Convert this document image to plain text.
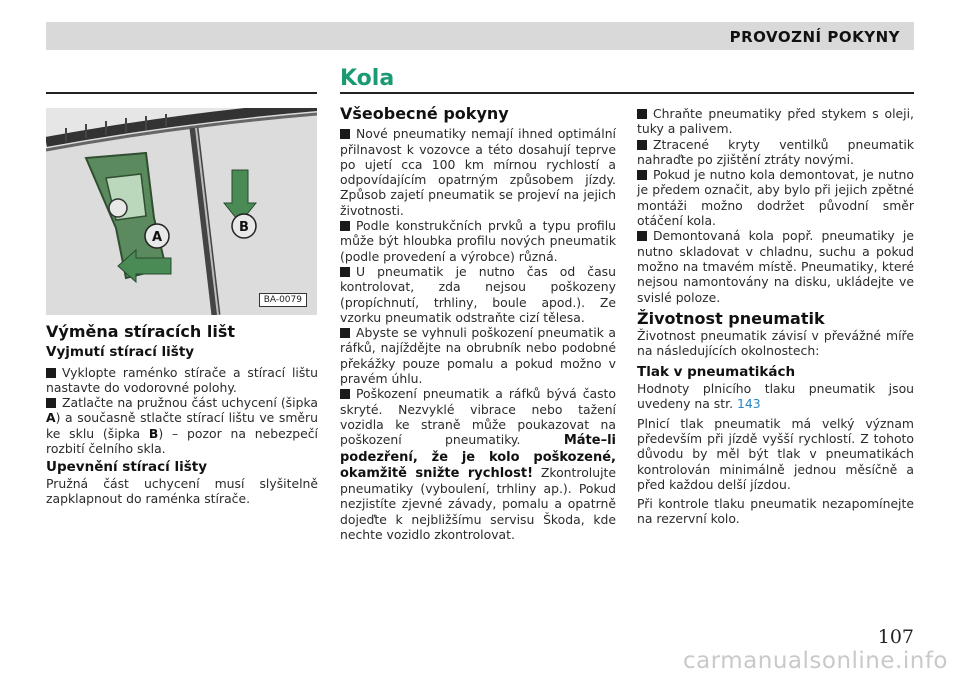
PROVOZNÍ POKYNY
Kola
A
B
BA-0079
Výměna stíracích lišt
Vyjmutí stírací lišty

Vyklopte raménko stírače a stírací lištu nastavte do vodorovné polohy.

Zatlačte na pružnou část uchycení (šipka A) a současně stlačte stírací lištu ve směru ke sklu (šipka B) – pozor na nebezpečí rozbití čelního skla.

Upevnění stírací lišty

Pružná část uchycení musí slyšitelně zapklapnout do raménka stírače.

Všeobecné pokyny

Nové pneumatiky nemají ihned optimální přilnavost k vozovce a této dosahují teprve po ujetí cca 100 km mírnou rychlostí a odpovídajícím opatrným způsobem jízdy. Způsob zajetí pneumatik se projeví na jejich životnosti.

Podle konstrukčních prvků a typu profilu může být hloubka profilu nových pneumatik (podle provedení a výrobce) různá.

U pneumatik je nutno čas od času kontrolovat, zda nejsou poškozeny (propíchnutí, trhliny, boule apod.). Ze vzorku pneumatik odstraňte cizí tělesa.

Abyste se vyhnuli poškození pneumatik a ráfků, najíždějte na obrubník nebo podobné překážky pouze pomalu a pokud možno v pravém úhlu.

Poškození pneumatik a ráfků bývá často skryté. Nezvyklé vibrace nebo tažení vozidla ke straně může poukazovat na poškození pneumatiky. Máte–li podezření, že je kolo poškozené, okamžitě snižte rychlost! Zkontrolujte pneumatiky (vyboulení, trhliny ap.). Pokud nezjistíte zjevné závady, pomalu a opatrně dojeďte k nejbližšímu servisu Škoda, kde nechte vozidlo zkontrolovat.

Chraňte pneumatiky před stykem s oleji, tuky a palivem.

Ztracené kryty ventilků pneumatik nahraďte po zjištění ztráty novými.

Pokud je nutno kola demontovat, je nutno je předem označit, aby bylo při jejich zpětné montáži možno dodržet původní směr otáčení kola.

Demontovaná kola popř. pneumatiky je nutno skladovat v chladnu, suchu a pokud možno na tmavém místě. Pneumatiky, které nejsou namontovány na disku, ukládejte ve svislé poloze.

Životnost pneumatik

Životnost pneumatik závisí v převážné míře na následujících okolnostech:

Tlak v pneumatikách

Hodnoty plnicího tlaku pneumatik jsou uvedeny na str. 143

Plnicí tlak pneumatik má velký význam především při jízdě vyšší rychlostí. Z tohoto důvodu by měl být tlak v pneumatikách kontrolován minimálně jednou měsíčně a před každou delší jízdou.

Při kontrole tlaku pneumatik nezapomínejte na rezervní kolo.

107
carmanualsonline.info
